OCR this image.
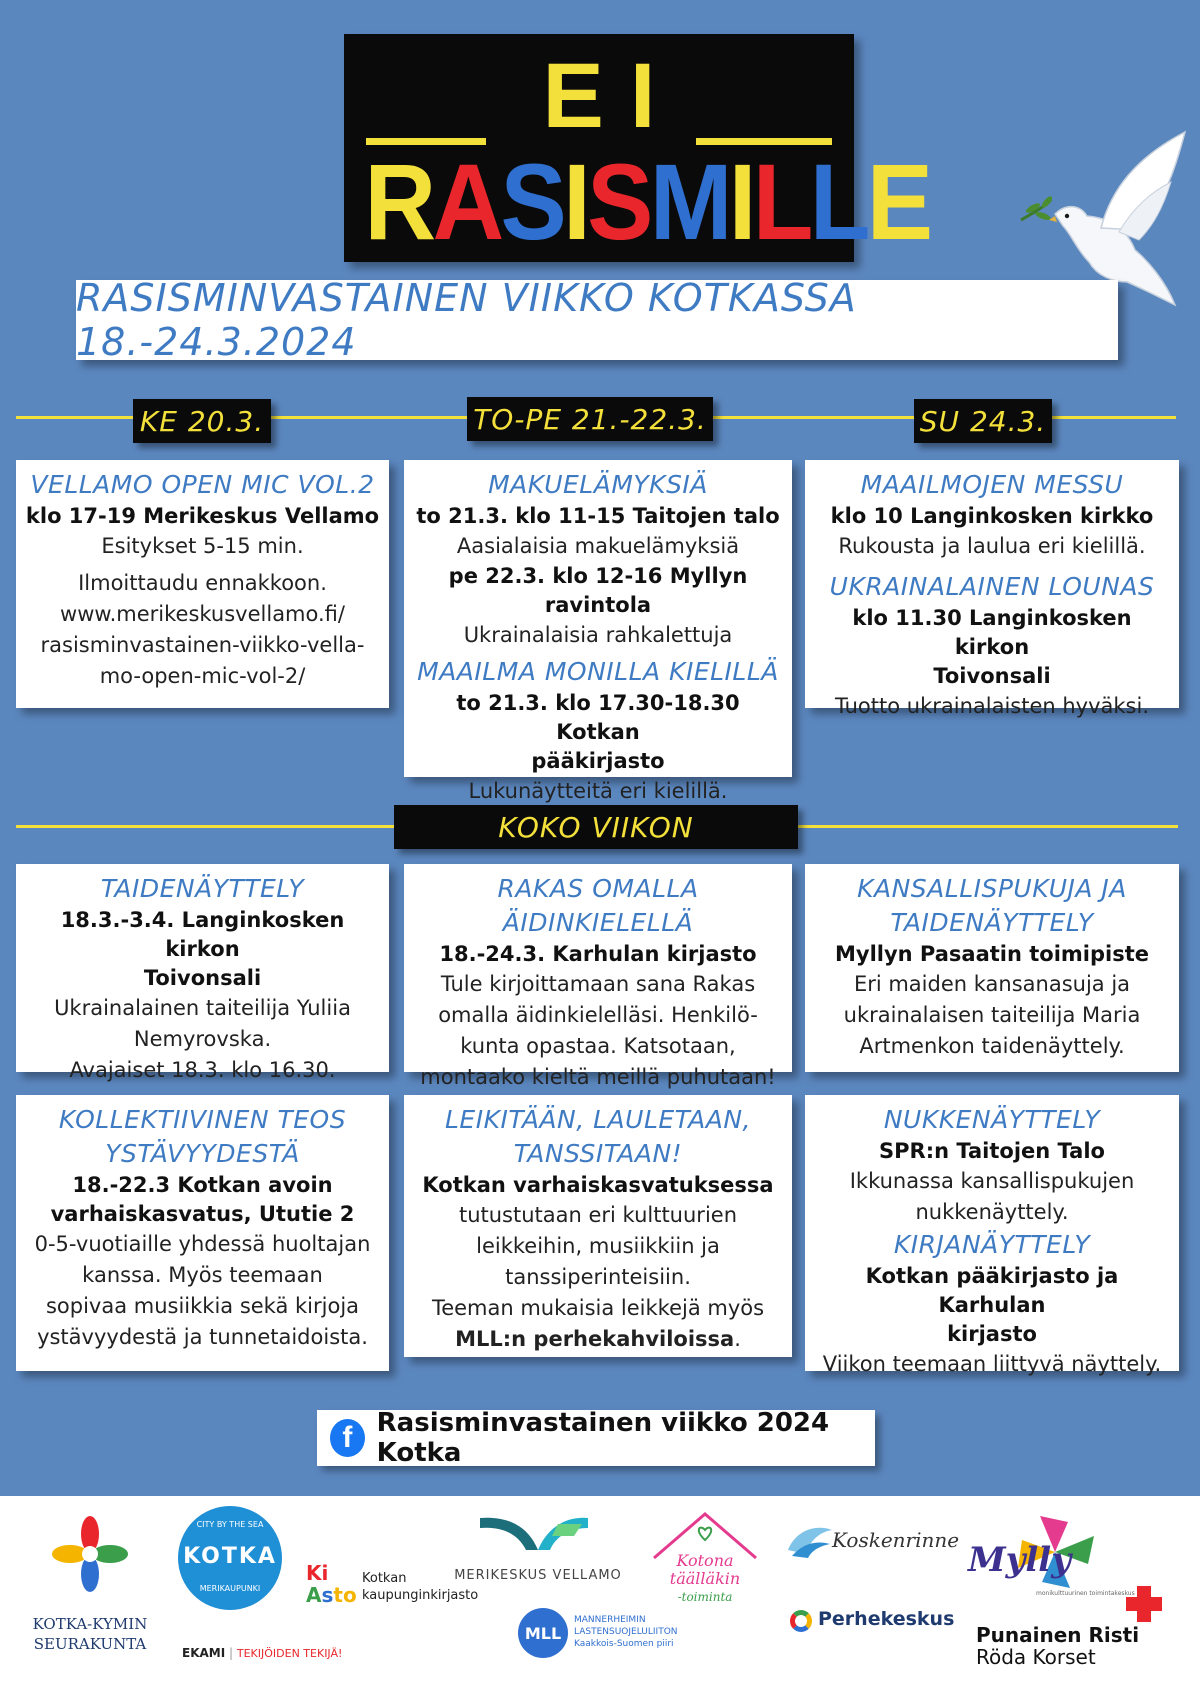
EI
RASISMILLE
RASISMINVASTAINEN VIIKKO KOTKASSA 18.-24.3.2024
KE 20.3.	TO-PE 21.-22.3.	SU 24.3.
VELLAMO OPEN MIC VOL.2
klo 17-19 Merikeskus Vellamo
Esitykset 5-15 min.
Ilmoittaudu ennakkoon.
www.merikeskusvellamo.fi/
rasisminvastainen-viikko-vella-
mo-open-mic-vol-2/
MAKUELÄMYKSIÄ
to 21.3. klo 11-15 Taitojen talo
Aasialaisia makuelämyksiä
pe 22.3. klo 12-16 Myllyn ravintola
Ukrainalaisia rahkalettuja
MAAILMA MONILLA KIELILLÄ
to 21.3. klo 17.30-18.30 Kotkan
pääkirjasto
Lukunäytteitä eri kielillä.
MAAILMOJEN MESSU
klo 10 Langinkosken kirkko
Rukousta ja laulua eri kielillä.
UKRAINALAINEN LOUNAS
klo 11.30 Langinkosken kirkon
Toivonsali
Tuotto ukrainalaisten hyväksi.
KOKO VIIKON
TAIDENÄYTTELY
18.3.-3.4. Langinkosken kirkon
Toivonsali
Ukrainalainen taiteilija Yuliia
Nemyrovska.
Avajaiset 18.3. klo 16.30.
RAKAS OMALLA ÄIDINKIELELLÄ
18.-24.3. Karhulan kirjasto
Tule kirjoittamaan sana Rakas
omalla äidinkielelläsi. Henkilö-
kunta opastaa. Katsotaan,
montaako kieltä meillä puhutaan!
KANSALLISPUKUJA JA
TAIDENÄYTTELY
Myllyn Pasaatin toimipiste
Eri maiden kansanasuja ja
ukrainalaisen taiteilija Maria
Artmenkon taidenäyttely.
KOLLEKTIIVINEN TEOS
YSTÄVYYDESTÄ
18.-22.3 Kotkan avoin
varhaiskasvatus, Ututie 2
0-5-vuotiaille yhdessä huoltajan
kanssa. Myös teemaan
sopivaa musiikkia sekä kirjoja
ystävyydestä ja tunnetaidoista.
LEIKITÄÄN, LAULETAAN,
TANSSITAAN!
Kotkan varhaiskasvatuksessa
tutustutaan eri kulttuurien
leikkeihin, musiikkiin ja
tanssiperinteisiin.
Teeman mukaisia leikkejä myös
MLL:n perhekahviloissa.
NUKKENÄYTTELY
SPR:n Taitojen Talo
Ikkunassa kansallispukujen
nukkenäyttely.
KIRJANÄYTTELY
Kotkan pääkirjasto ja Karhulan
kirjasto
Viikon teemaan liittyvä näyttely.
f Rasisminvastainen viikko 2024 Kotka
KOTKA-KYMIN
SEURAKUNTA
CITY BY THE SEA
KOTKA
MERIKAUPUNKI
EKAMI | TEKIJÖIDEN TEKIJÄ!
Ki
Asto
Kotkan
kaupunginkirjasto
MERIKESKUS VELLAMO
MLL
MANNERHEIMIN
LASTENSUOJELULIITON
Kaakkois-Suomen piiri
Kotona
täälläkin
-toiminta
Koskenrinne
Perhekeskus
Mylly
monikulttuurinen toimintakeskus
Punainen Risti
Röda Korset
